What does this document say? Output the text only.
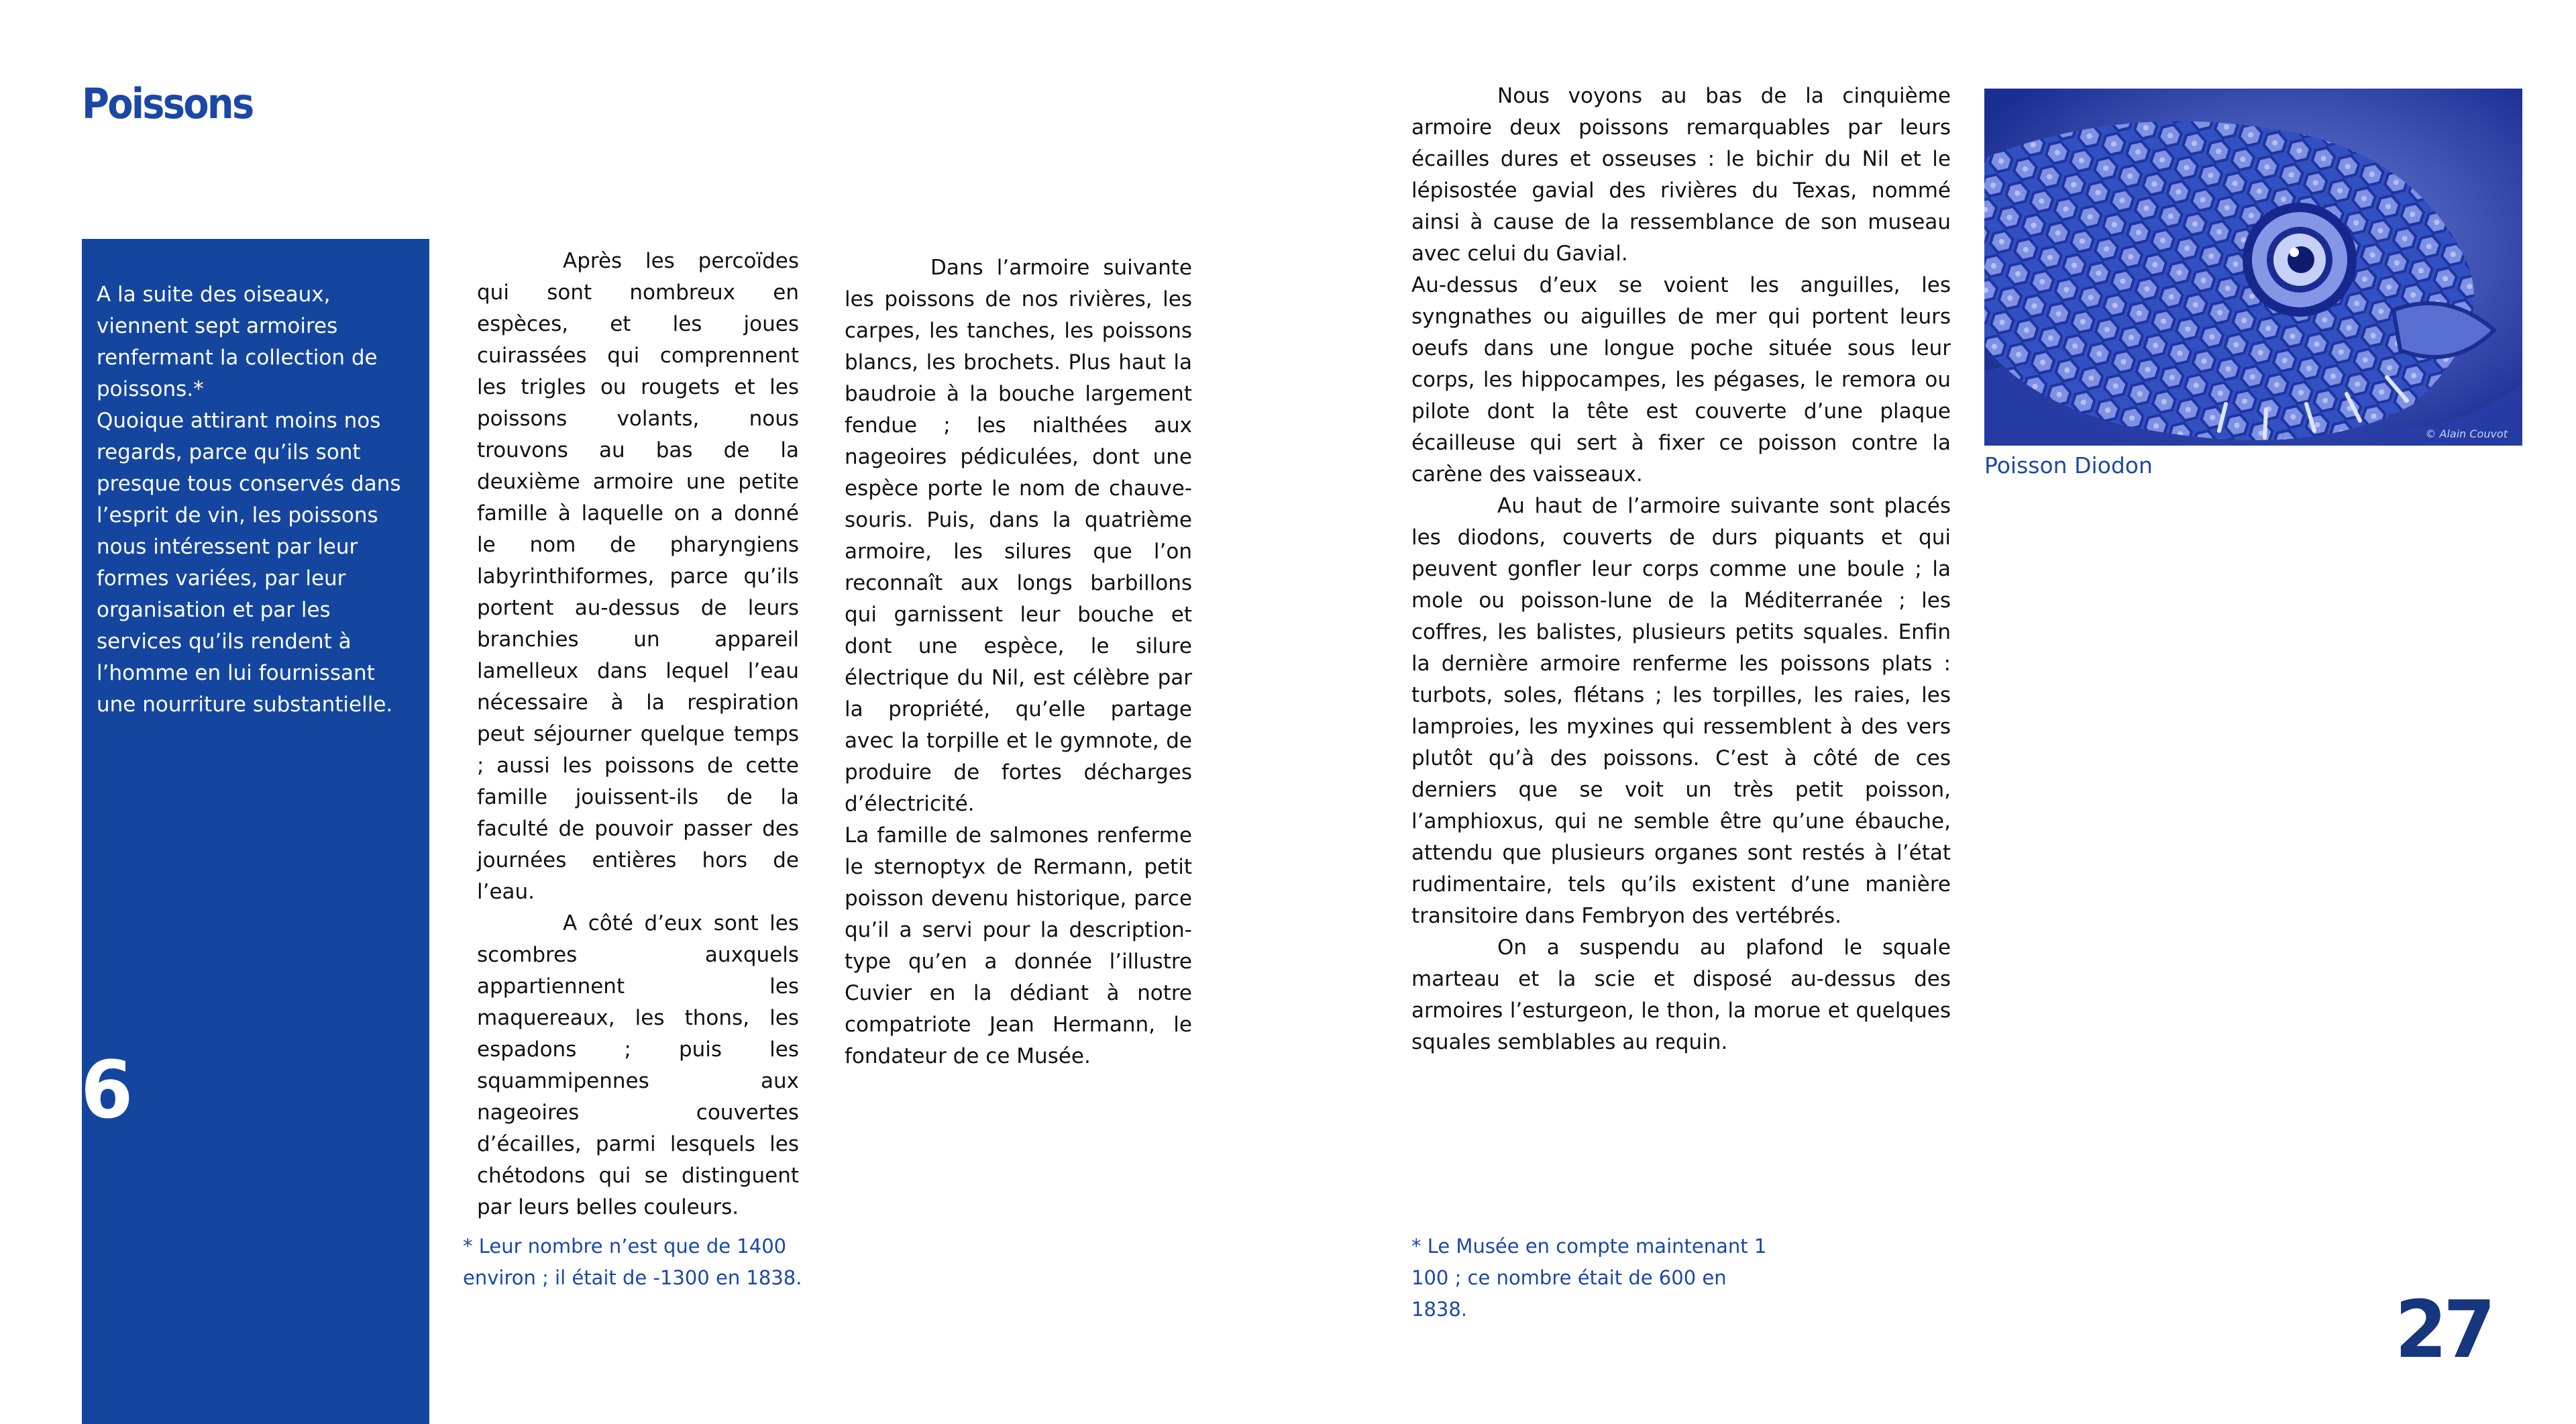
Poissons

A la suite des oiseaux, viennent sept armoires renfermant la collection de poissons.*

Quoique attirant moins nos regards, parce qu’ils sont presque tous conservés dans l’esprit de vin, les poissons nous intéressent par leur formes variées, par leur organisation et par les services qu’ils rendent à l’homme en lui fournissant une nourriture substantielle.

26
27

Après les percoïdes qui sont nombreux en espèces, et les joues cuirassées qui comprennent les trigles ou rougets et les poissons volants, nous trouvons au bas de la deuxième armoire une petite famille à laquelle on a donné le nom de pharyngiens labyrinthiformes, parce qu’ils portent au-dessus de leurs branchies un appareil lamelleux dans lequel l’eau nécessaire à la respiration peut séjourner quelque temps ; aussi les poissons de cette famille jouissent-ils de la faculté de pouvoir passer des journées entières hors de l’eau.

A côté d’eux sont les scombres auxquels appartiennent les maquereaux, les thons, les espadons ; puis les squammipennes aux nageoires couvertes d’écailles, parmi lesquels les chétodons qui se distinguent par leurs belles couleurs.

Dans l’armoire suivante les poissons de nos rivières, les carpes, les tanches, les poissons blancs, les brochets. Plus haut la baudroie à la bouche largement fendue ; les nialthées aux nageoires pédiculées, dont une espèce porte le nom de chauve-souris. Puis, dans la quatrième armoire, les silures que l’on reconnaît aux longs barbillons qui garnissent leur bouche et dont une espèce, le silure électrique du Nil, est célèbre par la propriété, qu’elle partage avec la torpille et le gymnote, de produire de fortes décharges d’électricité.

La famille de salmones renferme le sternoptyx de Rermann, petit poisson devenu historique, parce qu’il a servi pour la description-type qu’en a donnée l’illustre Cuvier en la dédiant à notre compatriote Jean Hermann, le fondateur de ce Musée.

Nous voyons au bas de la cinquième armoire deux poissons remarquables par leurs écailles dures et osseuses : le bichir du Nil et le lépisostée gavial des rivières du Texas, nommé ainsi à cause de la ressemblance de son museau avec celui du Gavial.

Au-dessus d’eux se voient les anguilles, les syngnathes ou aiguilles de mer qui portent leurs oeufs dans une longue poche située sous leur corps, les hippocampes, les pégases, le remora ou pilote dont la tête est couverte d’une plaque écailleuse qui sert à fixer ce poisson contre la carène des vaisseaux.

Au haut de l’armoire suivante sont placés les diodons, couverts de durs piquants et qui peuvent gonfler leur corps comme une boule ; la mole ou poisson-lune de la Méditerranée ; les coffres, les balistes, plusieurs petits squales. Enfin la dernière armoire renferme les poissons plats : turbots, soles, flétans ; les torpilles, les raies, les lamproies, les myxines qui ressemblent à des vers plutôt qu’à des poissons. C’est à côté de ces derniers que se voit un très petit poisson, l’amphioxus, qui ne semble être qu’une ébauche, attendu que plusieurs organes sont restés à l’état rudimentaire, tels qu’ils existent d’une manière transitoire dans Fembryon des vertébrés.

On a suspendu au plafond le squale marteau et la scie et disposé au-dessus des armoires l’esturgeon, le thon, la morue et quelques squales semblables au requin.

* Leur nombre n’est que de 1400 environ ; il était de -1300 en 1838.
* Le Musée en compte maintenant 1 100 ; ce nombre était de 600 en 1838.
© Alain Couvot
Poisson Diodon
